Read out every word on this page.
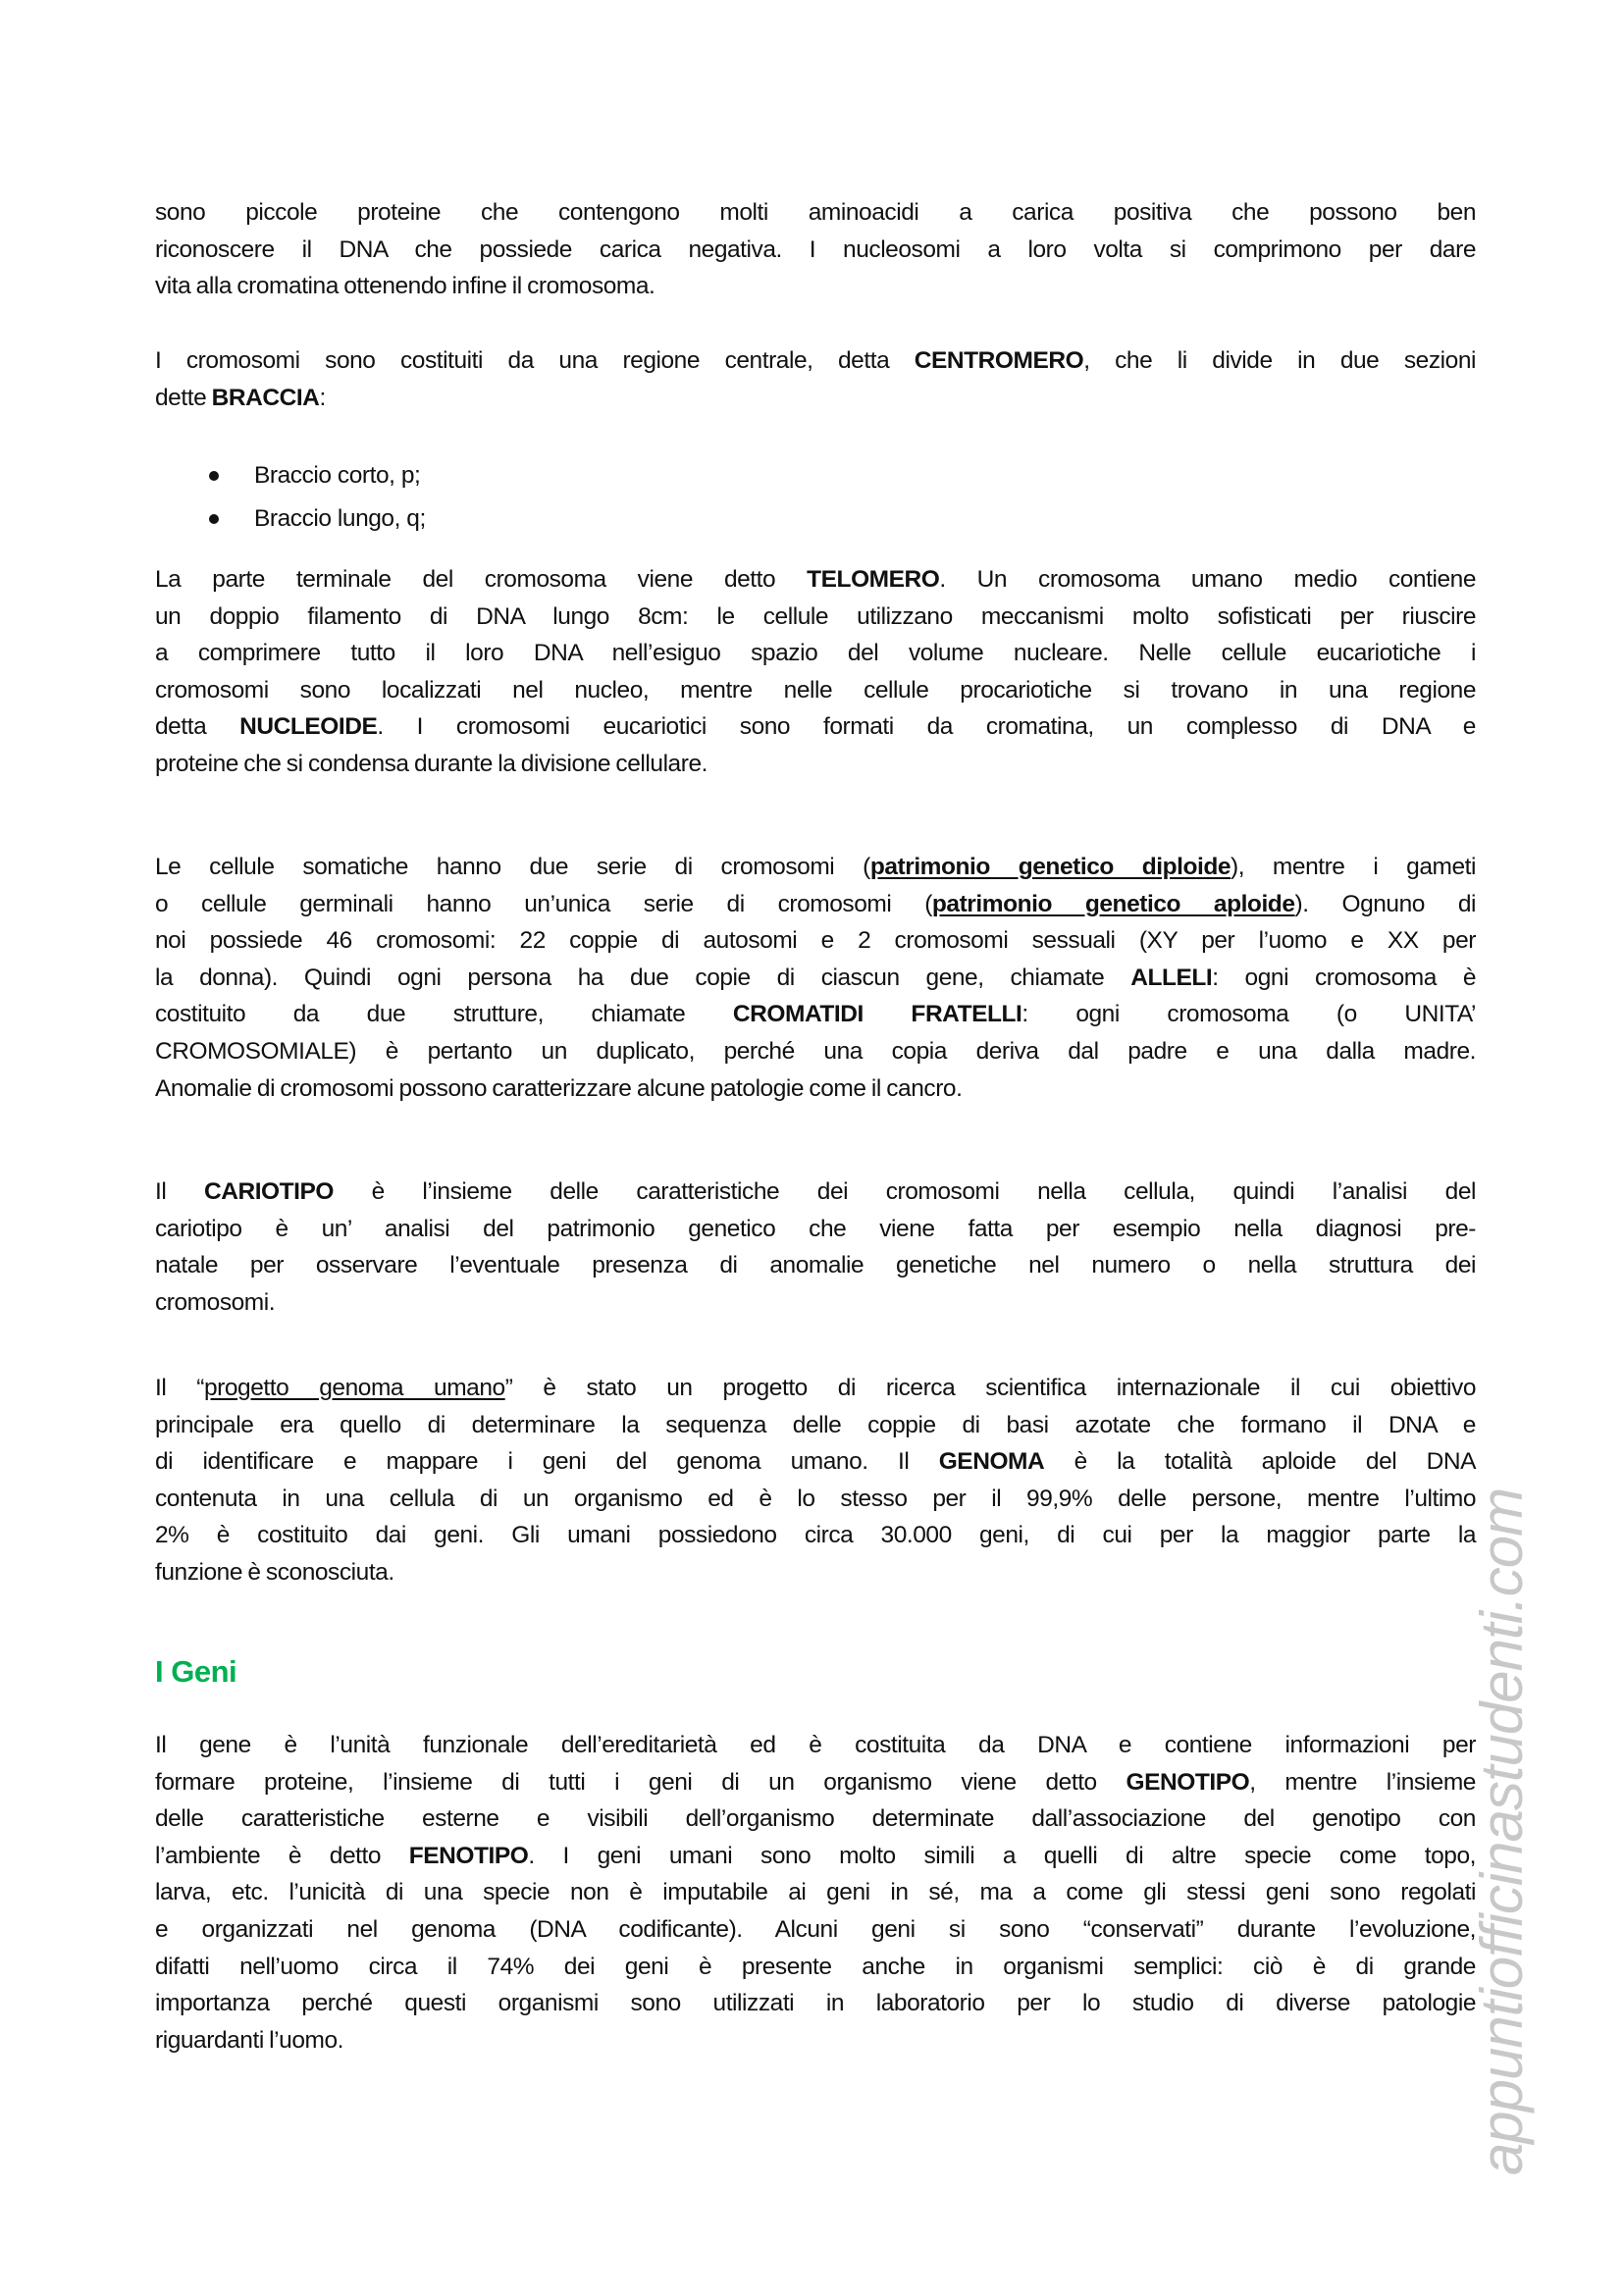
sono piccole proteine che contengono molti aminoacidi a carica positiva che possono ben
riconoscere il DNA che possiede carica negativa. I nucleosomi a loro volta si comprimono per dare
vita alla cromatina ottenendo infine il cromosoma.
I cromosomi sono costituiti da una regione centrale, detta CENTROMERO, che li divide in due sezioni
dette BRACCIA:
Braccio corto, p;
Braccio lungo, q;
La parte terminale del cromosoma viene detto TELOMERO. Un cromosoma umano medio contiene
un doppio filamento di DNA lungo 8cm: le cellule utilizzano meccanismi molto sofisticati per riuscire
a comprimere tutto il loro DNA nell’esiguo spazio del volume nucleare. Nelle cellule eucariotiche i
cromosomi sono localizzati nel nucleo, mentre nelle cellule procariotiche si trovano in una regione
detta NUCLEOIDE. I cromosomi eucariotici sono formati da cromatina, un complesso di DNA e
proteine che si condensa durante la divisione cellulare.
Le cellule somatiche hanno due serie di cromosomi (patrimonio genetico diploide), mentre i gameti
o cellule germinali hanno un’unica serie di cromosomi (patrimonio genetico aploide). Ognuno di
noi possiede 46 cromosomi: 22 coppie di autosomi e 2 cromosomi sessuali (XY per l’uomo e XX per
la donna). Quindi ogni persona ha due copie di ciascun gene, chiamate ALLELI: ogni cromosoma è
costituito da due strutture, chiamate CROMATIDI FRATELLI: ogni cromosoma (o UNITA’
CROMOSOMIALE) è pertanto un duplicato, perché una copia deriva dal padre e una dalla madre.
Anomalie di cromosomi possono caratterizzare alcune patologie come il cancro.
Il CARIOTIPO è l’insieme delle caratteristiche dei cromosomi nella cellula, quindi l’analisi del
cariotipo è un’ analisi del patrimonio genetico che viene fatta per esempio nella diagnosi pre-
natale per osservare l’eventuale presenza di anomalie genetiche nel numero o nella struttura dei
cromosomi.
Il “progetto genoma umano” è stato un progetto di ricerca scientifica internazionale il cui obiettivo
principale era quello di determinare la sequenza delle coppie di basi azotate che formano il DNA e
di identificare e mappare i geni del genoma umano. Il GENOMA è la totalità aploide del DNA
contenuta in una cellula di un organismo ed è lo stesso per il 99,9% delle persone, mentre l’ultimo
2% è costituito dai geni. Gli umani possiedono circa 30.000 geni, di cui per la maggior parte la
funzione è sconosciuta.
I Geni
Il gene è l’unità funzionale dell’ereditarietà ed è costituita da DNA e contiene informazioni per
formare proteine, l’insieme di tutti i geni di un organismo viene detto GENOTIPO, mentre l’insieme
delle caratteristiche esterne e visibili dell’organismo determinate dall’associazione del genotipo con
l’ambiente è detto FENOTIPO. I geni umani sono molto simili a quelli di altre specie come topo,
larva, etc. l’unicità di una specie non è imputabile ai geni in sé, ma a come gli stessi geni sono regolati
e organizzati nel genoma (DNA codificante). Alcuni geni si sono “conservati” durante l’evoluzione,
difatti nell’uomo circa il 74% dei geni è presente anche in organismi semplici: ciò è di grande
importanza perché questi organismi sono utilizzati in laboratorio per lo studio di diverse patologie
riguardanti l’uomo.	appuntiofficinastudenti.com
